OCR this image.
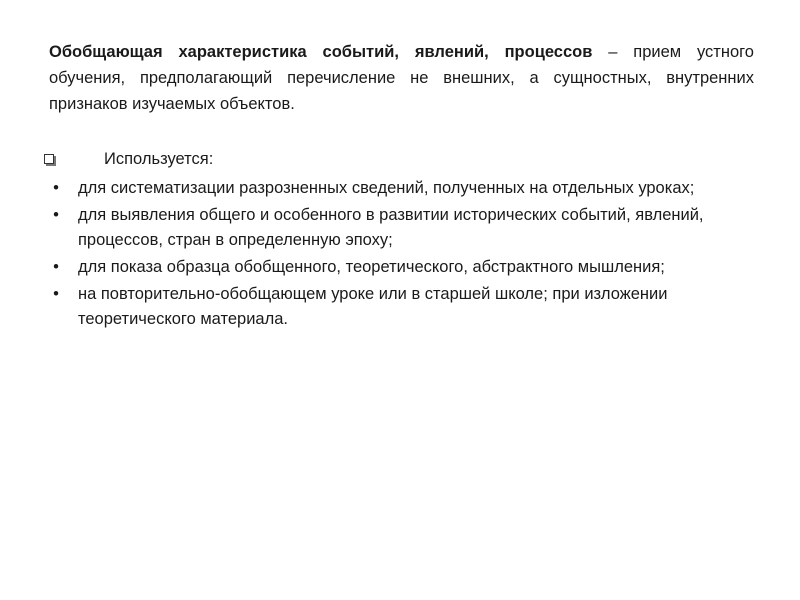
Обобщающая характеристика событий, явлений, процессов – прием устного обучения, предполагающий перечисление не внешних, а сущностных, внутренних признаков изучаемых объектов.

Используется:
• для систематизации разрозненных сведений, полученных на отдельных уроках;
• для выявления общего и особенного в развитии исторических событий, явлений, процессов, стран в определенную эпоху;
• для показа образца обобщенного, теоретического, абстрактного мышления;
• на повторительно-обобщающем уроке или в старшей школе; при изложении теоретического материала.
